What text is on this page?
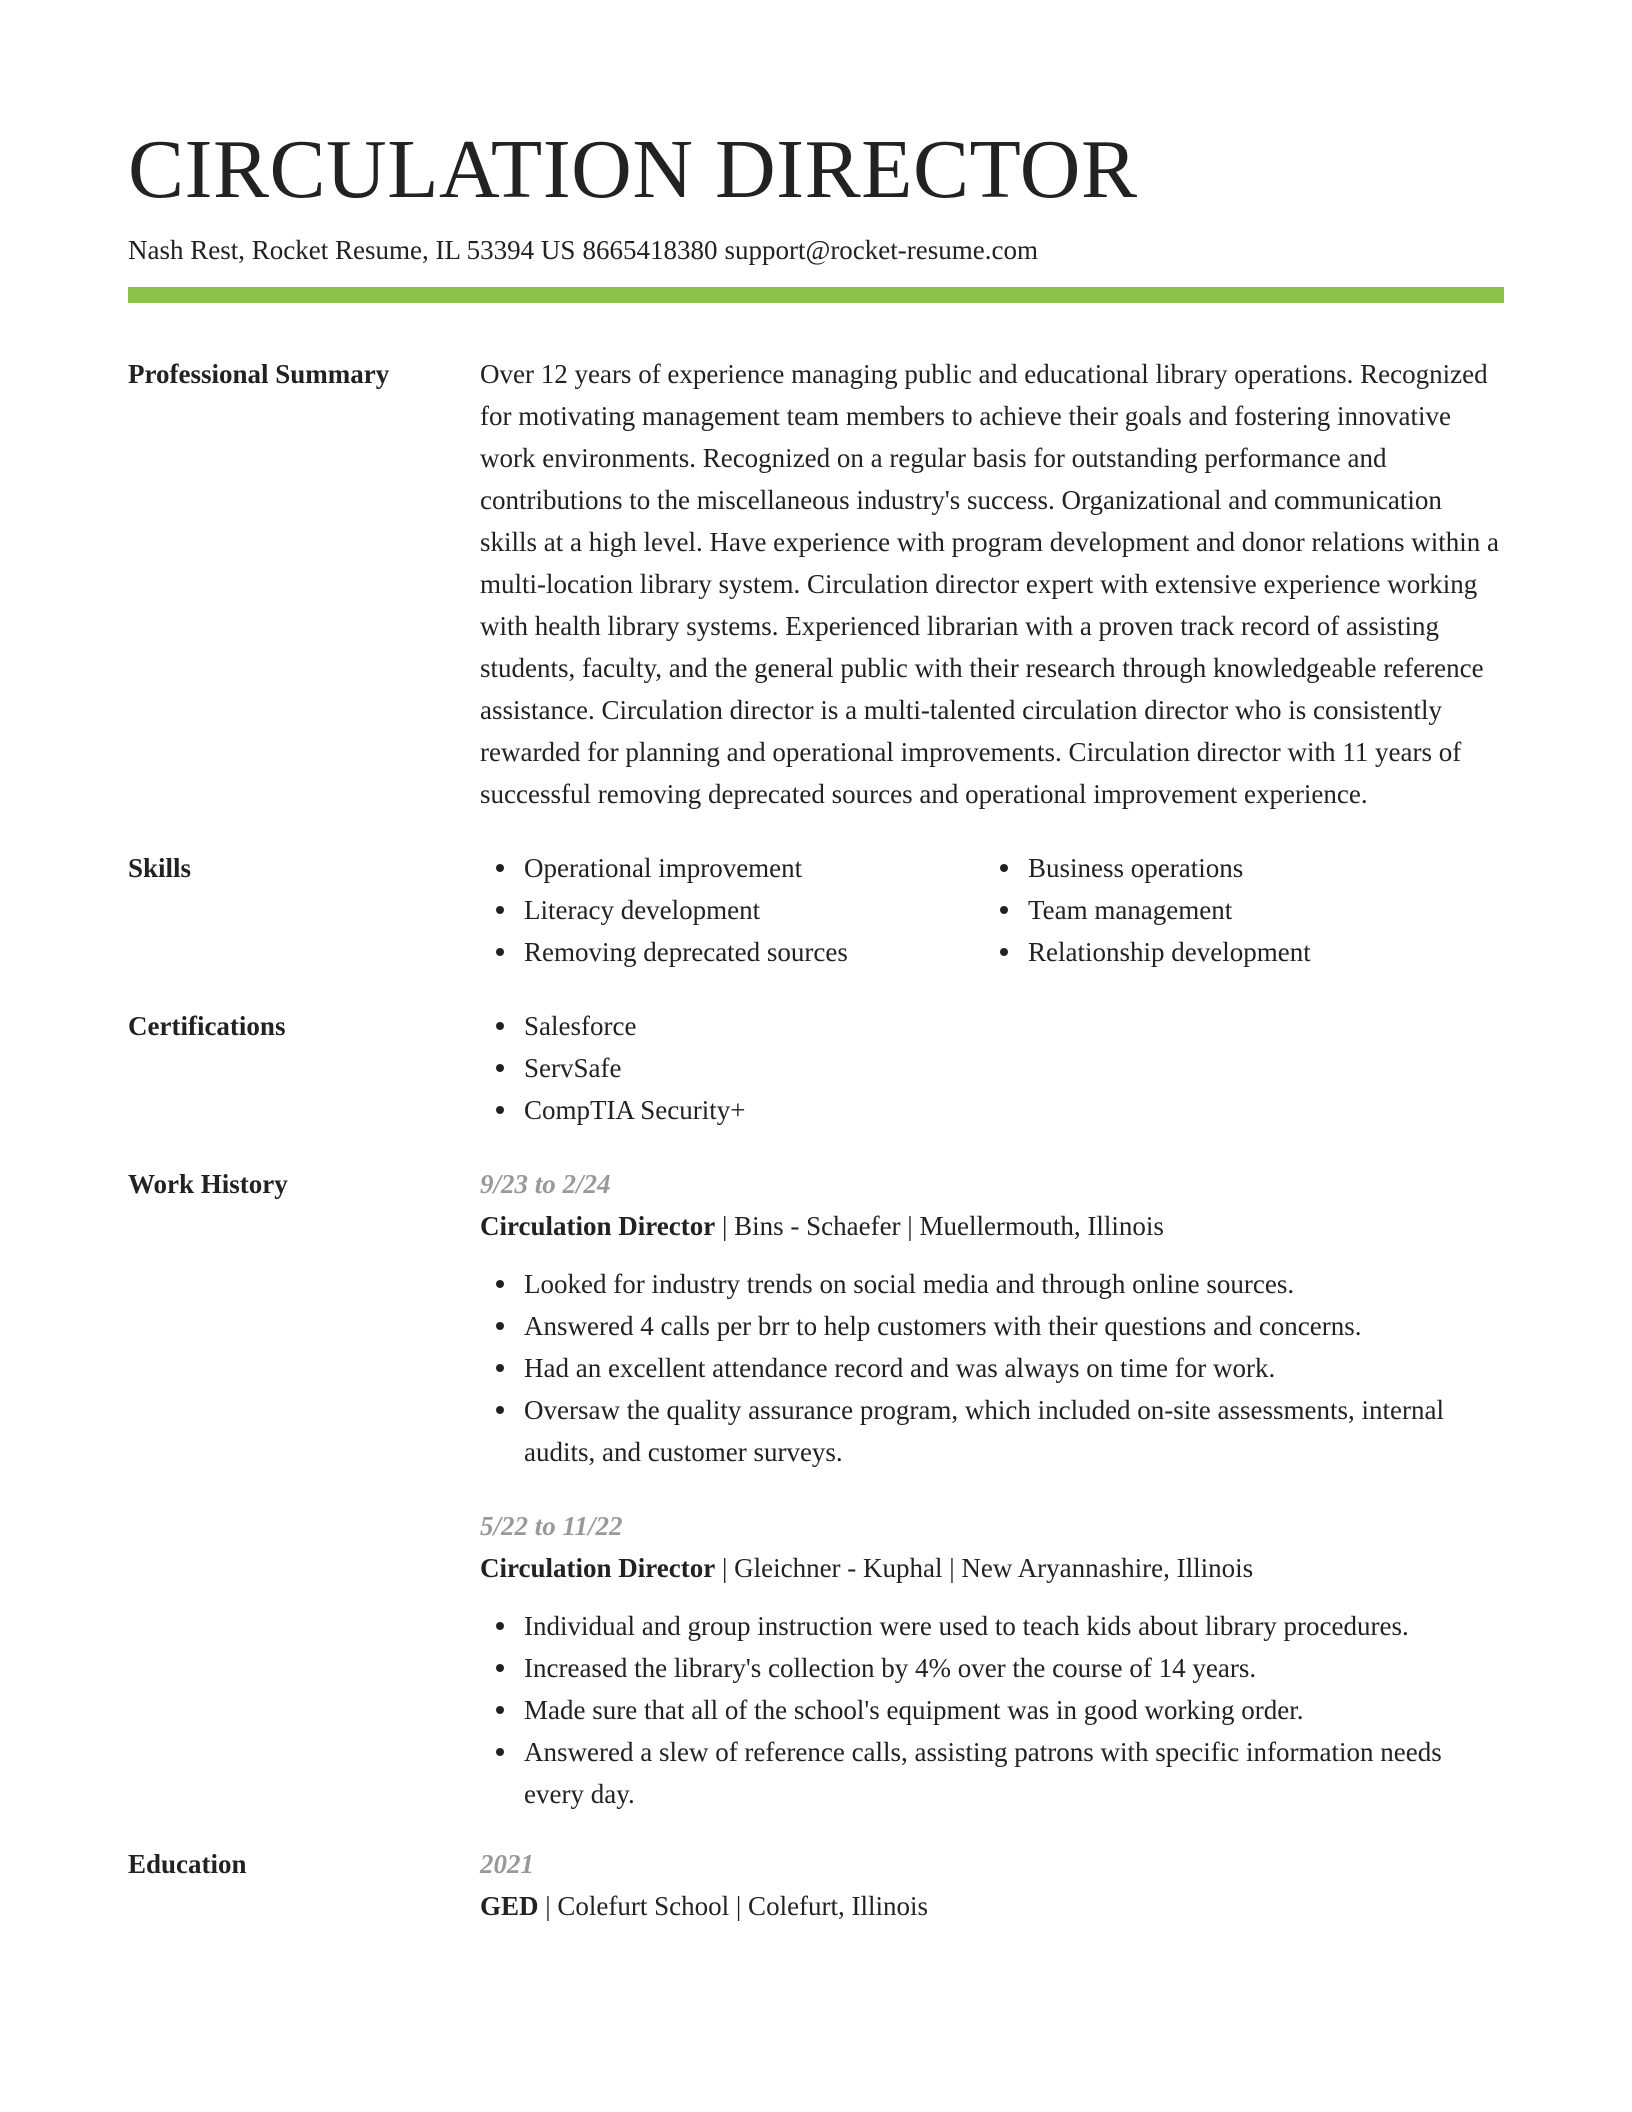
CIRCULATION DIRECTOR
Nash Rest, Rocket Resume, IL 53394 US 8665418380 support@rocket-resume.com
Professional Summary	Over 12 years of experience managing public and educational library operations. Recognized for motivating management team members to achieve their goals and fostering innovative work environments. Recognized on a regular basis for outstanding performance and contributions to the miscellaneous industry's success. Organizational and communication skills at a high level. Have experience with program development and donor relations within a multi-location library system. Circulation director expert with extensive experience working with health library systems. Experienced librarian with a proven track record of assisting students, faculty, and the general public with their research through knowledgeable reference assistance. Circulation director is a multi-talented circulation director who is consistently rewarded for planning and operational improvements. Circulation director with 11 years of successful removing deprecated sources and operational improvement experience.
Skills	Operational improvement
Literacy development
Removing deprecated sources
Business operations
Team management
Relationship development
Certifications	Salesforce
ServSafe
CompTIA Security+
Work History	9/23 to 2/24
Circulation Director | Bins - Schaefer | Muellermouth, Illinois
Looked for industry trends on social media and through online sources.
Answered 4 calls per brr to help customers with their questions and concerns.
Had an excellent attendance record and was always on time for work.
Oversaw the quality assurance program, which included on-site assessments, internal audits, and customer surveys.
5/22 to 11/22
Circulation Director | Gleichner - Kuphal | New Aryannashire, Illinois
Individual and group instruction were used to teach kids about library procedures.
Increased the library's collection by 4% over the course of 14 years.
Made sure that all of the school's equipment was in good working order.
Answered a slew of reference calls, assisting patrons with specific information needs every day.
Education	2021
GED | Colefurt School | Colefurt, Illinois
